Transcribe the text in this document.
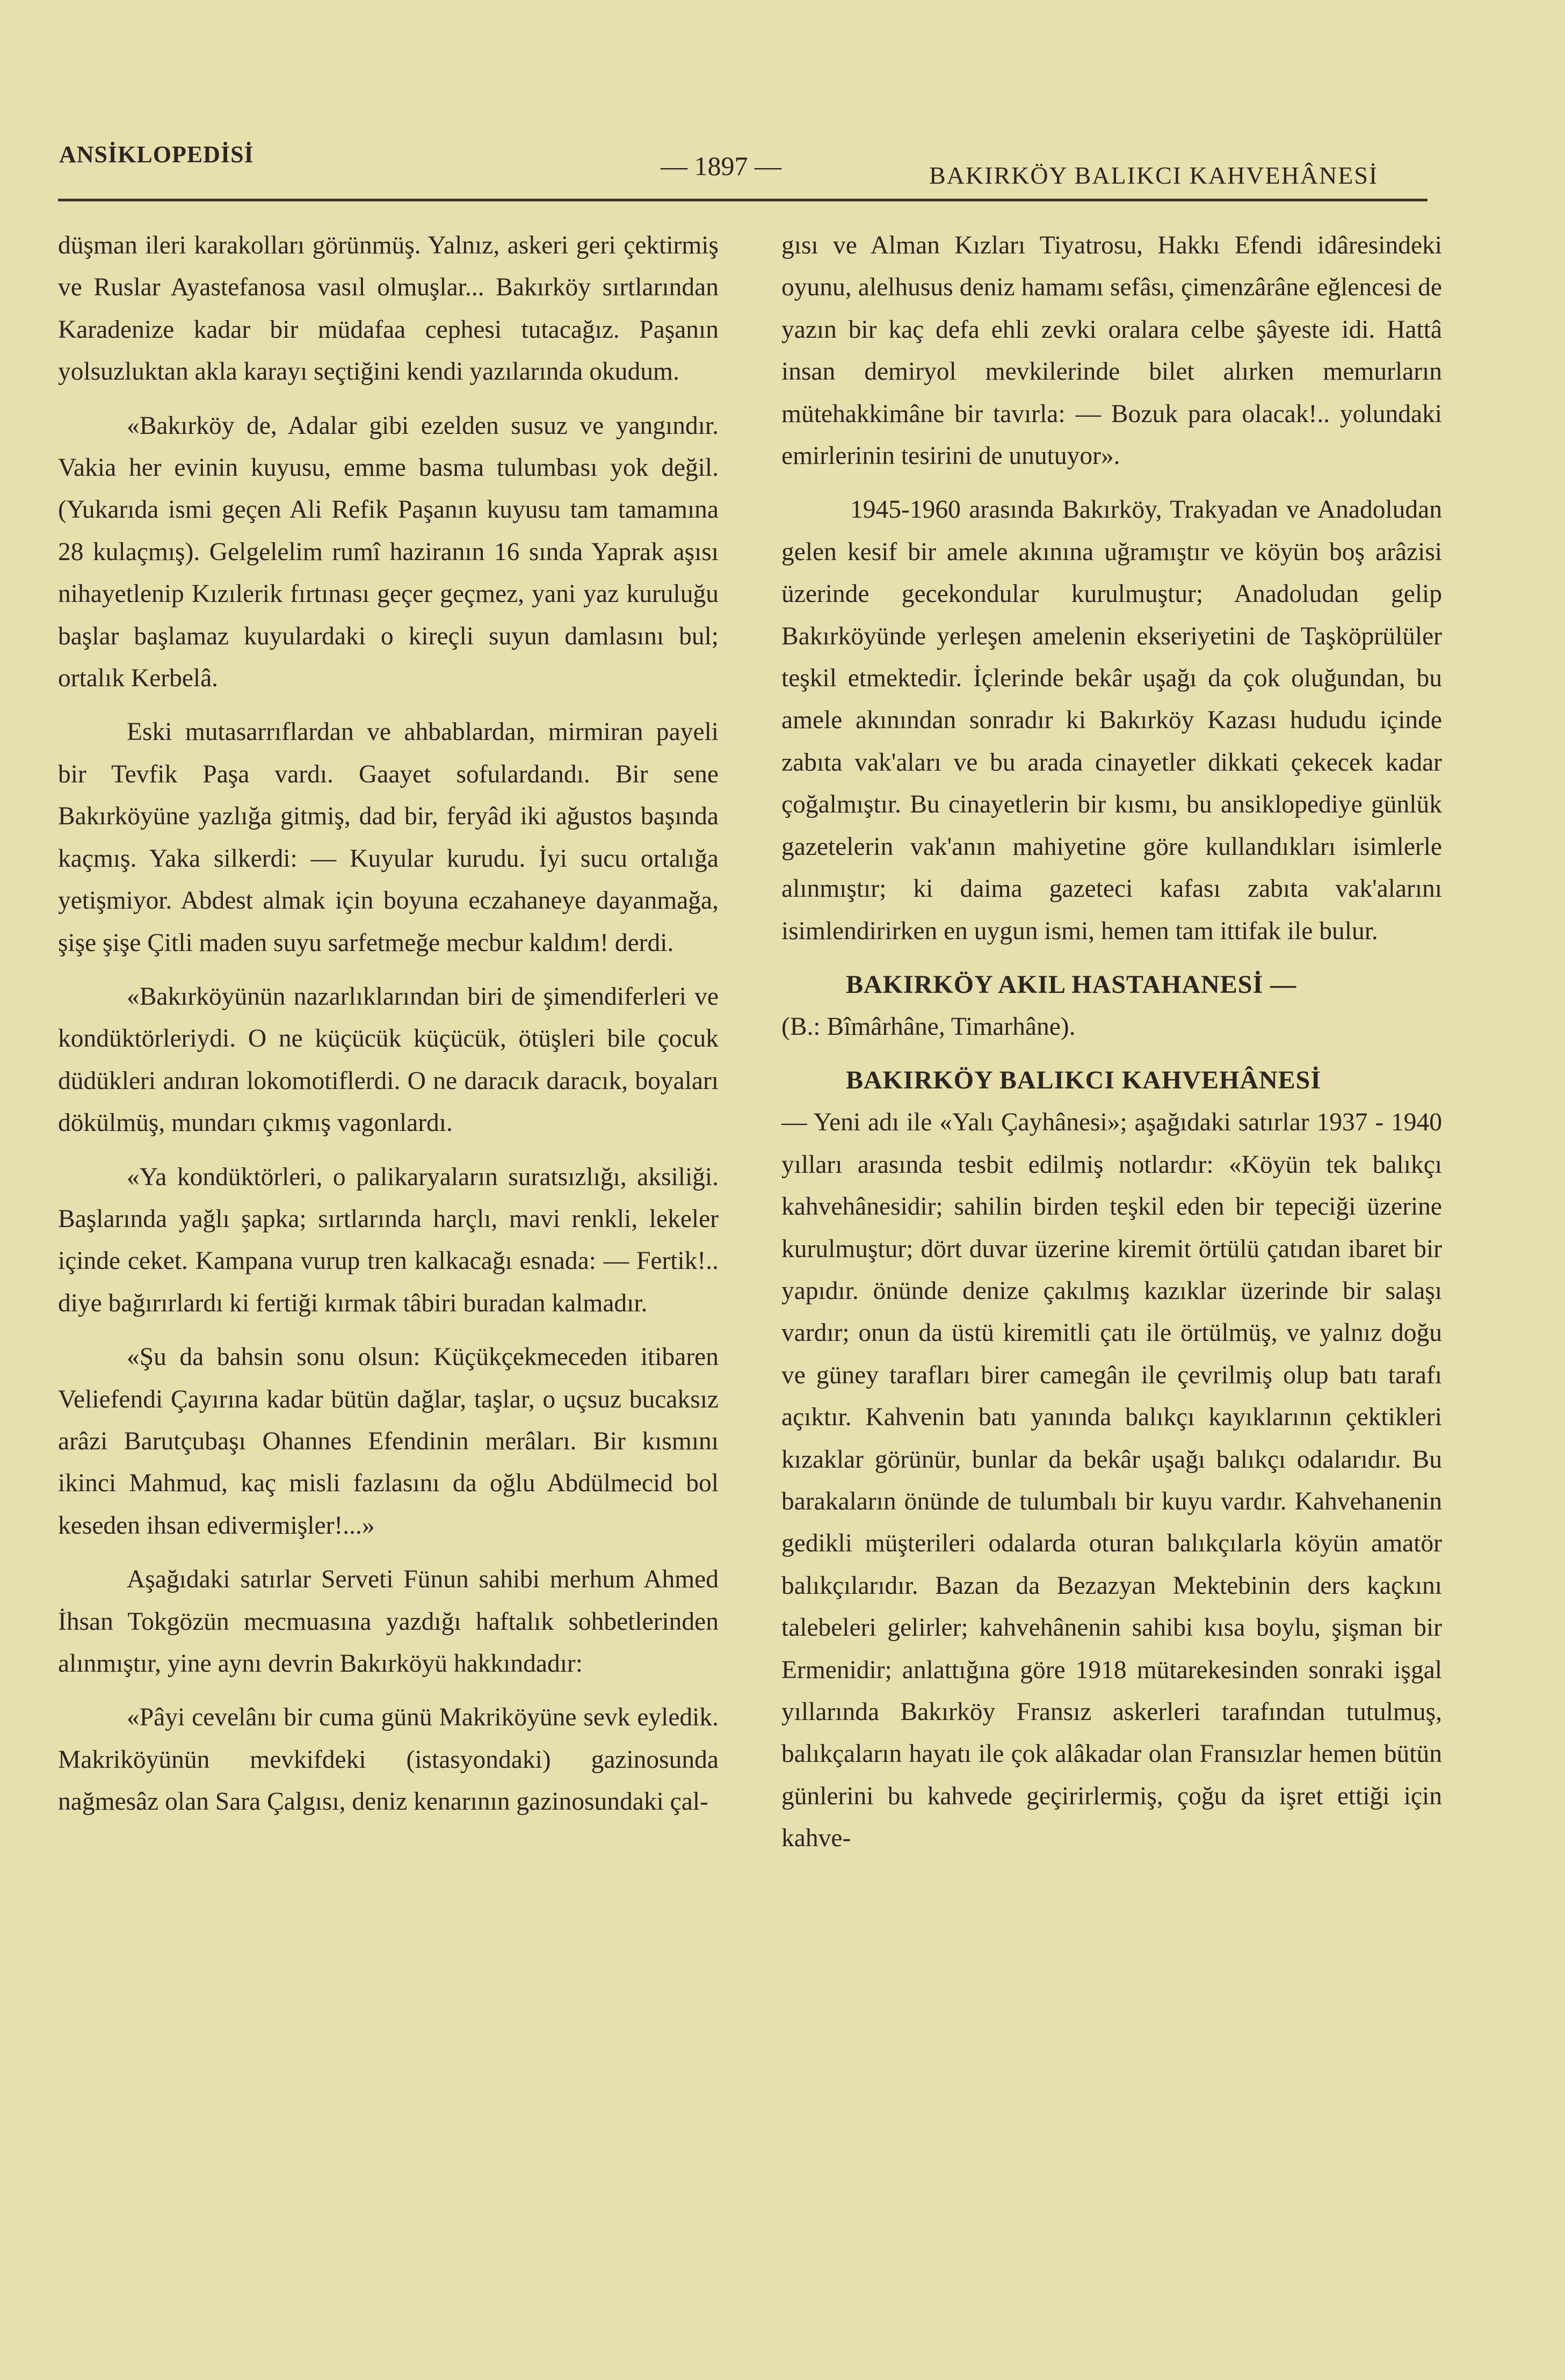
ANSİKLOPEDİSİ	— 1897 —	BAKIRKÖY BALIKCI KAHVEHÂNESİ

düşman ileri karakolları görünmüş. Yalnız, askeri geri çektirmiş ve Ruslar Ayastefanosa vasıl olmuşlar... Bakırköy sırtlarından Karadenize kadar bir müdafaa cephesi tutacağız. Paşanın yolsuzluktan akla karayı seçtiğini kendi yazılarında okudum.

«Bakırköy de, Adalar gibi ezelden susuz ve yangındır. Vakia her evinin kuyusu, emme basma tulumbası yok değil. (Yukarıda ismi geçen Ali Refik Paşanın kuyusu tam tamamına 28 kulaçmış). Gelgelelim rumî haziranın 16 sında Yaprak aşısı nihayetlenip Kızılerik fırtınası geçer geçmez, yani yaz kuruluğu başlar başlamaz kuyulardaki o kireçli suyun damlasını bul; ortalık Kerbelâ.

Eski mutasarrıflardan ve ahbablardan, mirmiran payeli bir Tevfik Paşa vardı. Gaayet sofulardandı. Bir sene Bakırköyüne yazlığa gitmiş, dad bir, feryâd iki ağustos başında kaçmış. Yaka silkerdi: — Kuyular kurudu. İyi sucu ortalığa yetişmiyor. Abdest almak için boyuna eczahaneye dayanmağa, şişe şişe Çitli maden suyu sarfetmeğe mecbur kaldım! derdi.

«Bakırköyünün nazarlıklarından biri de şimendiferleri ve kondüktörleriydi. O ne küçücük küçücük, ötüşleri bile çocuk düdükleri andıran lokomotiflerdi. O ne daracık daracık, boyaları dökülmüş, mundarı çıkmış vagonlardı.

«Ya kondüktörleri, o palikaryaların suratsızlığı, aksiliği. Başlarında yağlı şapka; sırtlarında harçlı, mavi renkli, lekeler içinde ceket. Kampana vurup tren kalkacağı esnada: — Fertik!.. diye bağırırlardı ki fertiği kırmak tâbiri buradan kalmadır.

«Şu da bahsin sonu olsun: Küçükçekmeceden itibaren Veliefendi Çayırına kadar bütün dağlar, taşlar, o uçsuz bucaksız arâzi Barutçubaşı Ohannes Efendinin merâları. Bir kısmını ikinci Mahmud, kaç misli fazlasını da oğlu Abdülmecid bol keseden ihsan edivermişler!...»

Aşağıdaki satırlar Serveti Fünun sahibi merhum Ahmed İhsan Tokgözün mecmuasına yazdığı haftalık sohbetlerinden alınmıştır, yine aynı devrin Bakırköyü hakkındadır:

«Pâyi cevelânı bir cuma günü Makriköyüne sevk eyledik. Makriköyünün mevkifdeki (istasyondaki) gazinosunda nağmesâz olan Sara Çalgısı, deniz kenarının gazinosundaki çal-

gısı ve Alman Kızları Tiyatrosu, Hakkı Efendi idâresindeki oyunu, alelhusus deniz hamamı sefâsı, çimenzârâne eğlencesi de yazın bir kaç defa ehli zevki oralara celbe şâyeste idi. Hattâ insan demiryol mevkilerinde bilet alırken memurların mütehakkimâne bir tavırla: — Bozuk para olacak!.. yolundaki emirlerinin tesirini de unutuyor».

1945-1960 arasında Bakırköy, Trakyadan ve Anadoludan gelen kesif bir amele akınına uğramıştır ve köyün boş arâzisi üzerinde gecekondular kurulmuştur; Anadoludan gelip Bakırköyünde yerleşen amelenin ekseriyetini de Taşköprülüler teşkil etmektedir. İçlerinde bekâr uşağı da çok oluğundan, bu amele akınından sonradır ki Bakırköy Kazası hududu içinde zabıta vak'aları ve bu arada cinayetler dikkati çekecek kadar çoğalmıştır. Bu cinayetlerin bir kısmı, bu ansiklopediye günlük gazetelerin vak'anın mahiyetine göre kullandıkları isimlerle alınmıştır; ki daima gazeteci kafası zabıta vak'alarını isimlendirirken en uygun ismi, hemen tam ittifak ile bulur.

BAKIRKÖY AKIL HASTAHANESİ —

(B.: Bîmârhâne, Timarhâne).

BAKIRKÖY BALIKCI KAHVEHÂNESİ

— Yeni adı ile «Yalı Çayhânesi»; aşağıdaki satırlar 1937 - 1940 yılları arasında tesbit edilmiş notlardır: «Köyün tek balıkçı kahvehânesidir; sahilin birden teşkil eden bir tepeciği üzerine kurulmuştur; dört duvar üzerine kiremit örtülü çatıdan ibaret bir yapıdır. önünde denize çakılmış kazıklar üzerinde bir salaşı vardır; onun da üstü kiremitli çatı ile örtülmüş, ve yalnız doğu ve güney tarafları birer camegân ile çevrilmiş olup batı tarafı açıktır. Kahvenin batı yanında balıkçı kayıklarının çektikleri kızaklar görünür, bunlar da bekâr uşağı balıkçı odalarıdır. Bu barakaların önünde de tulumbalı bir kuyu vardır. Kahvehanenin gedikli müşterileri odalarda oturan balıkçılarla köyün amatör balıkçılarıdır. Bazan da Bezazyan Mektebinin ders kaçkını talebeleri gelirler; kahvehânenin sahibi kısa boylu, şişman bir Ermenidir; anlattığına göre 1918 mütarekesinden sonraki işgal yıllarında Bakırköy Fransız askerleri tarafından tutulmuş, balıkçaların hayatı ile çok alâkadar olan Fransızlar hemen bütün günlerini bu kahvede geçirirlermiş, çoğu da işret ettiği için kahve-
